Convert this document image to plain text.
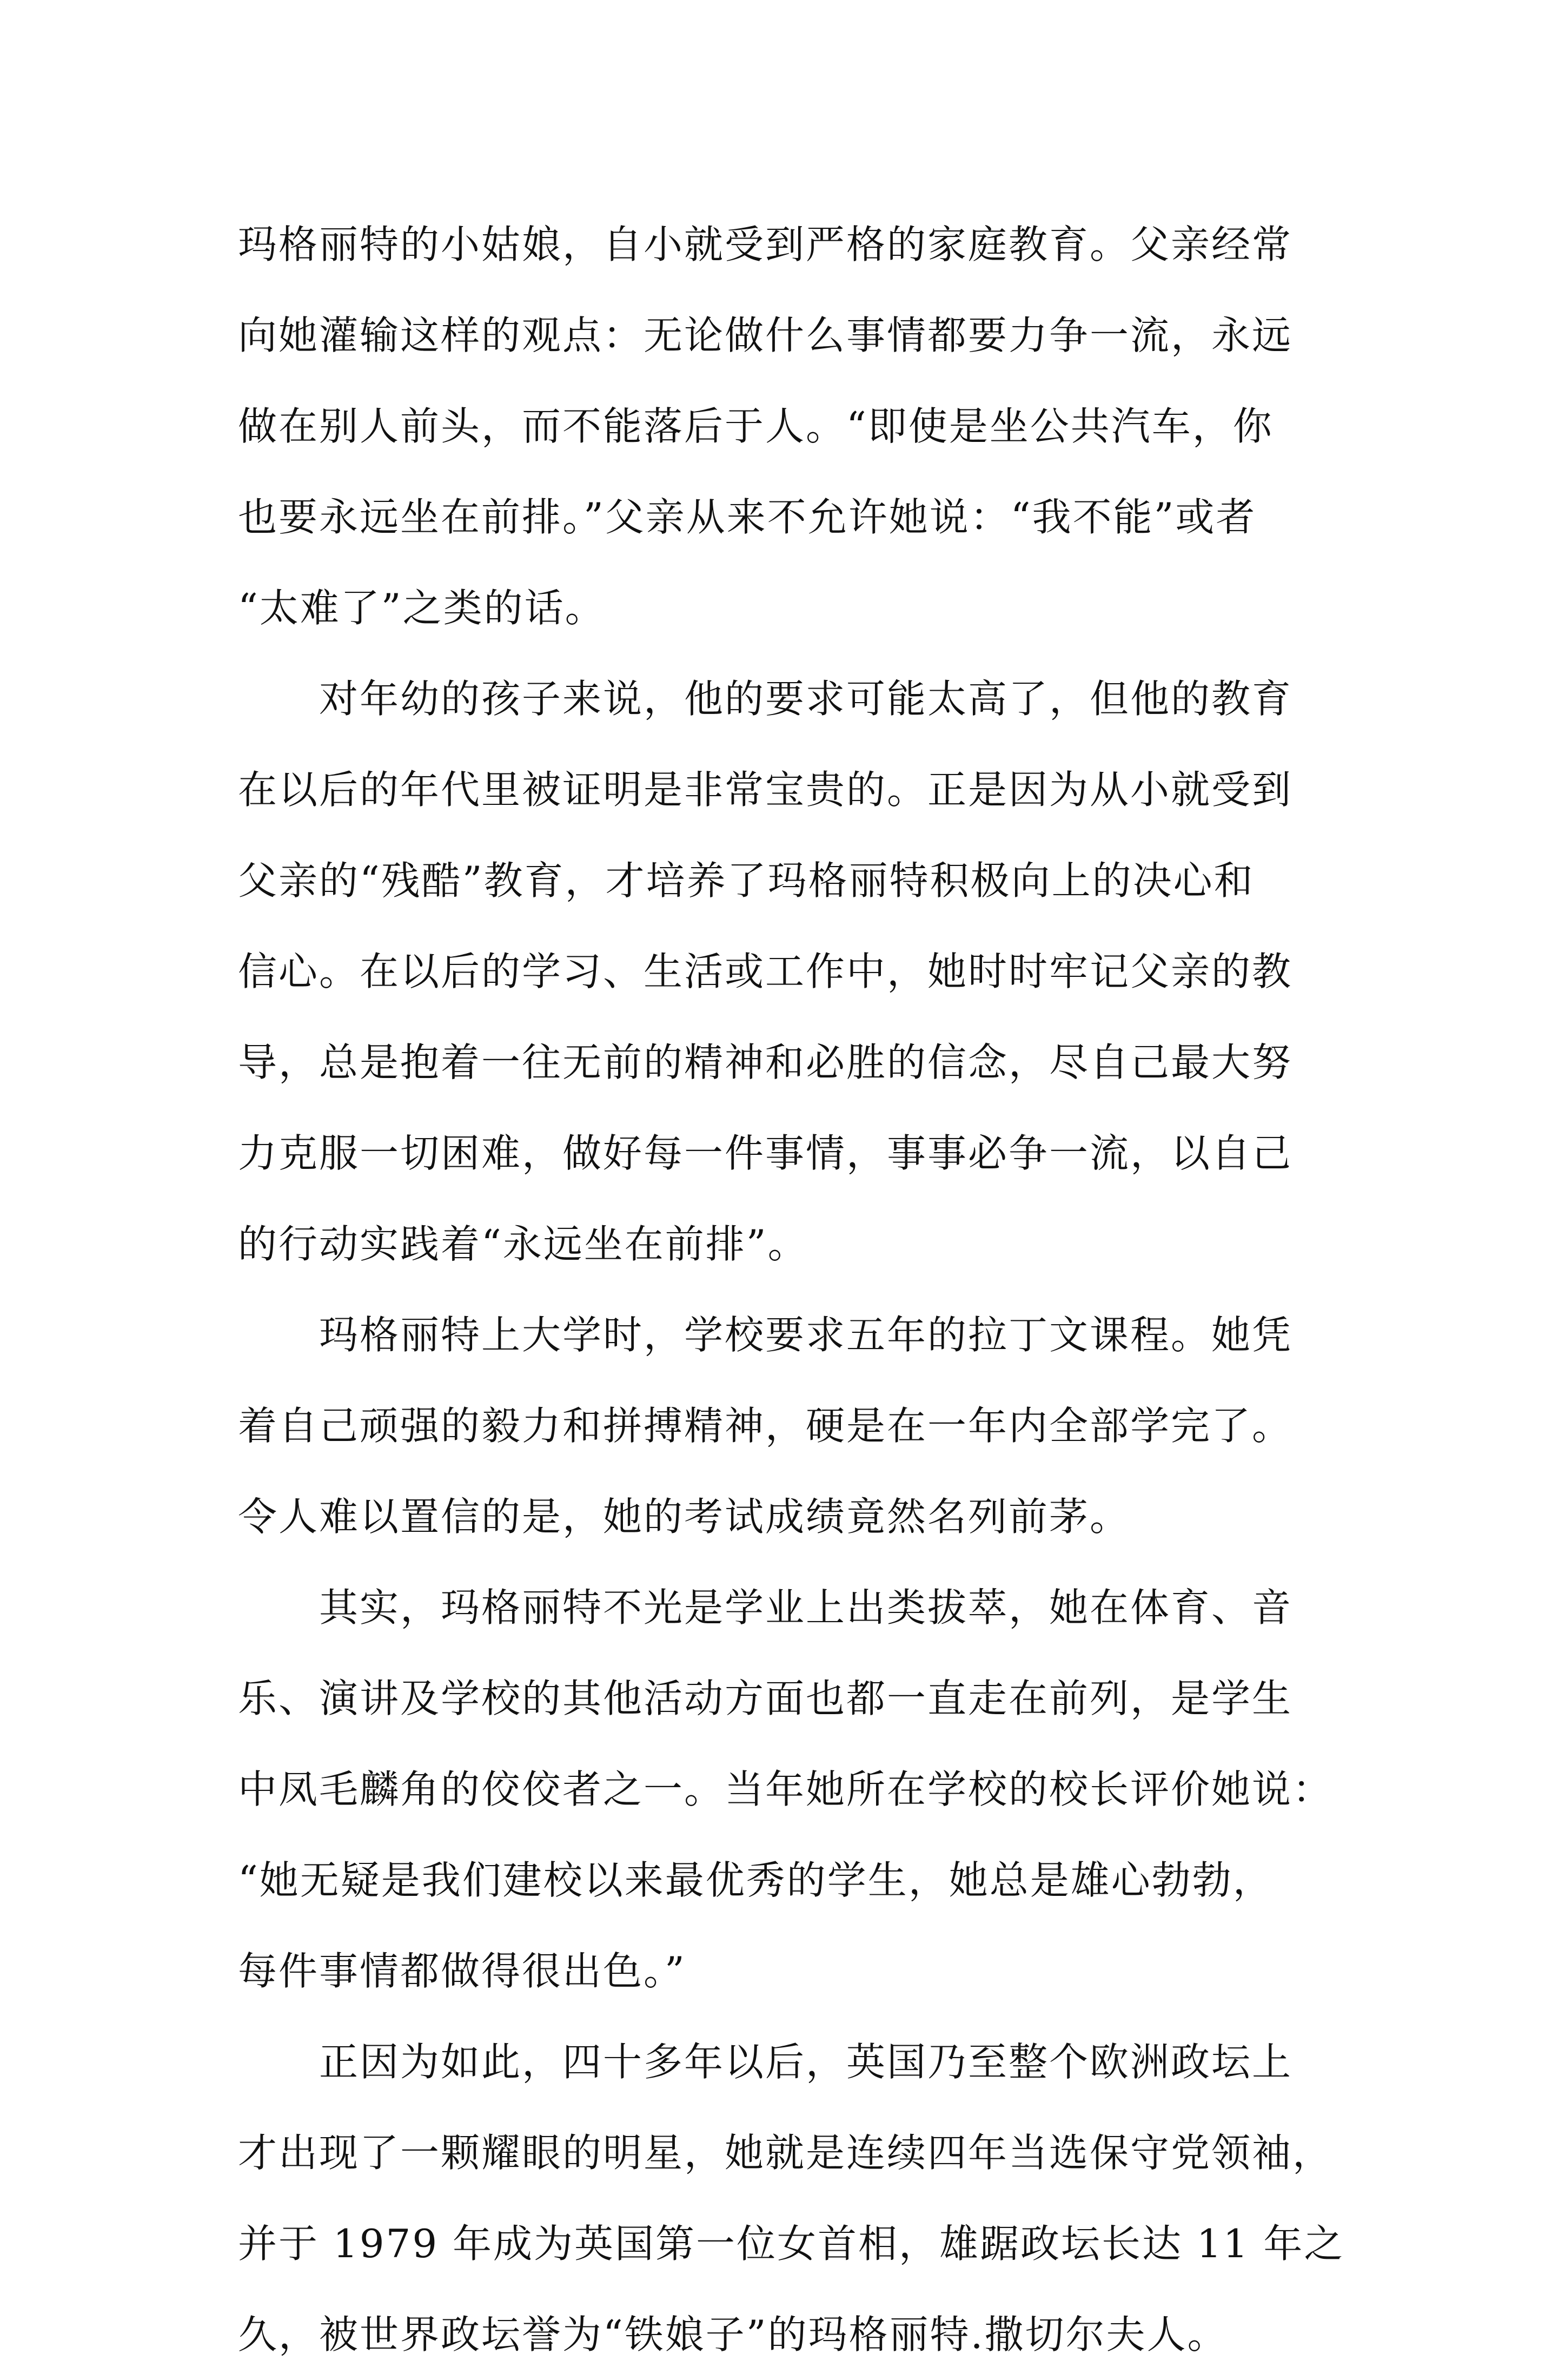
玛格丽特的小姑娘，自小就受到严格的家庭教育。父亲经常
向她灌输这样的观点：无论做什么事情都要力争一流，永远
做在别人前头，而不能落后于人。“即使是坐公共汽车，你
也要永远坐在前排。”父亲从来不允许她说：“我不能”或者
“太难了”之类的话。
对年幼的孩子来说，他的要求可能太高了，但他的教育
在以后的年代里被证明是非常宝贵的。正是因为从小就受到
父亲的“残酷”教育，才培养了玛格丽特积极向上的决心和
信心。在以后的学习、生活或工作中，她时时牢记父亲的教
导，总是抱着一往无前的精神和必胜的信念，尽自己最大努
力克服一切困难，做好每一件事情，事事必争一流，以自己
的行动实践着“永远坐在前排”。
玛格丽特上大学时，学校要求五年的拉丁文课程。她凭
着自己顽强的毅力和拼搏精神，硬是在一年内全部学完了。
令人难以置信的是，她的考试成绩竟然名列前茅。
其实，玛格丽特不光是学业上出类拔萃，她在体育、音
乐、演讲及学校的其他活动方面也都一直走在前列，是学生
中凤毛麟角的佼佼者之一。当年她所在学校的校长评价她说：
“她无疑是我们建校以来最优秀的学生，她总是雄心勃勃，
每件事情都做得很出色。”
正因为如此，四十多年以后，英国乃至整个欧洲政坛上
才出现了一颗耀眼的明星，她就是连续四年当选保守党领袖，
并于 1979 年成为英国第一位女首相，雄踞政坛长达 11 年之
久，被世界政坛誉为“铁娘子”的玛格丽特.撒切尔夫人。
